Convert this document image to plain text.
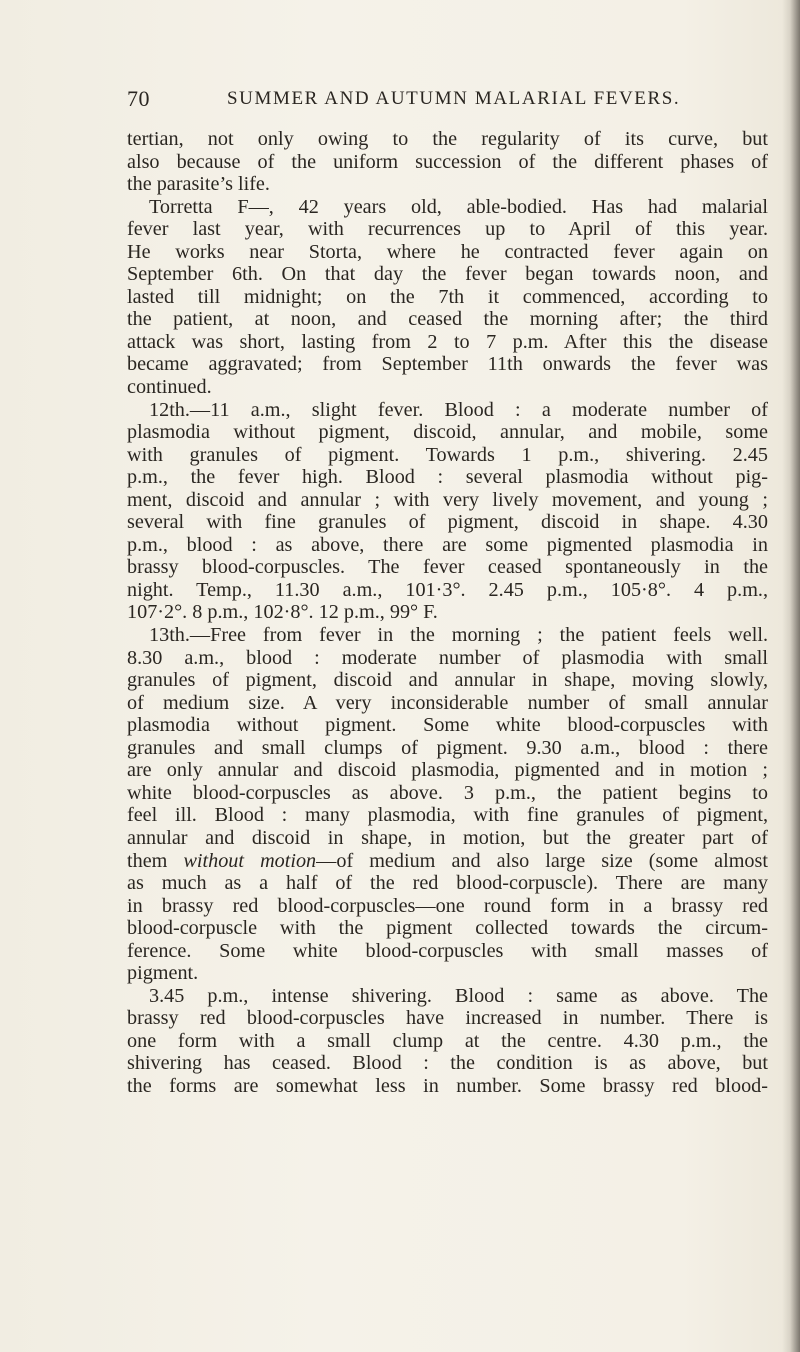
70	SUMMER AND AUTUMN MALARIAL FEVERS.
tertian, not only owing to the regularity of its curve, but
also because of the uniform succession of the different phases of
the parasite’s life.
Torretta F—, 42 years old, able-bodied. Has had malarial
fever last year, with recurrences up to April of this year.
He works near Storta, where he contracted fever again on
September 6th. On that day the fever began towards noon, and
lasted till midnight; on the 7th it commenced, according to
the patient, at noon, and ceased the morning after; the third
attack was short, lasting from 2 to 7 p.m. After this the disease
became aggravated; from September 11th onwards the fever was
continued.
12th.—11 a.m., slight fever. Blood : a moderate number of
plasmodia without pigment, discoid, annular, and mobile, some
with granules of pigment. Towards 1 p.m., shivering. 2.45
p.m., the fever high. Blood : several plasmodia without pig-
ment, discoid and annular ; with very lively movement, and young ;
several with fine granules of pigment, discoid in shape. 4.30
p.m., blood : as above, there are some pigmented plasmodia in
brassy blood-corpuscles. The fever ceased spontaneously in the
night. Temp., 11.30 a.m., 101·3°. 2.45 p.m., 105·8°. 4 p.m.,
107·2°. 8 p.m., 102·8°. 12 p.m., 99° F.
13th.—Free from fever in the morning ; the patient feels well.
8.30 a.m., blood : moderate number of plasmodia with small
granules of pigment, discoid and annular in shape, moving slowly,
of medium size. A very inconsiderable number of small annular
plasmodia without pigment. Some white blood-corpuscles with
granules and small clumps of pigment. 9.30 a.m., blood : there
are only annular and discoid plasmodia, pigmented and in motion ;
white blood-corpuscles as above. 3 p.m., the patient begins to
feel ill. Blood : many plasmodia, with fine granules of pigment,
annular and discoid in shape, in motion, but the greater part of
them without motion—of medium and also large size (some almost
as much as a half of the red blood-corpuscle). There are many
in brassy red blood-corpuscles—one round form in a brassy red
blood-corpuscle with the pigment collected towards the circum-
ference. Some white blood-corpuscles with small masses of
pigment.
3.45 p.m., intense shivering. Blood : same as above. The
brassy red blood-corpuscles have increased in number. There is
one form with a small clump at the centre. 4.30 p.m., the
shivering has ceased. Blood : the condition is as above, but
the forms are somewhat less in number. Some brassy red blood-
